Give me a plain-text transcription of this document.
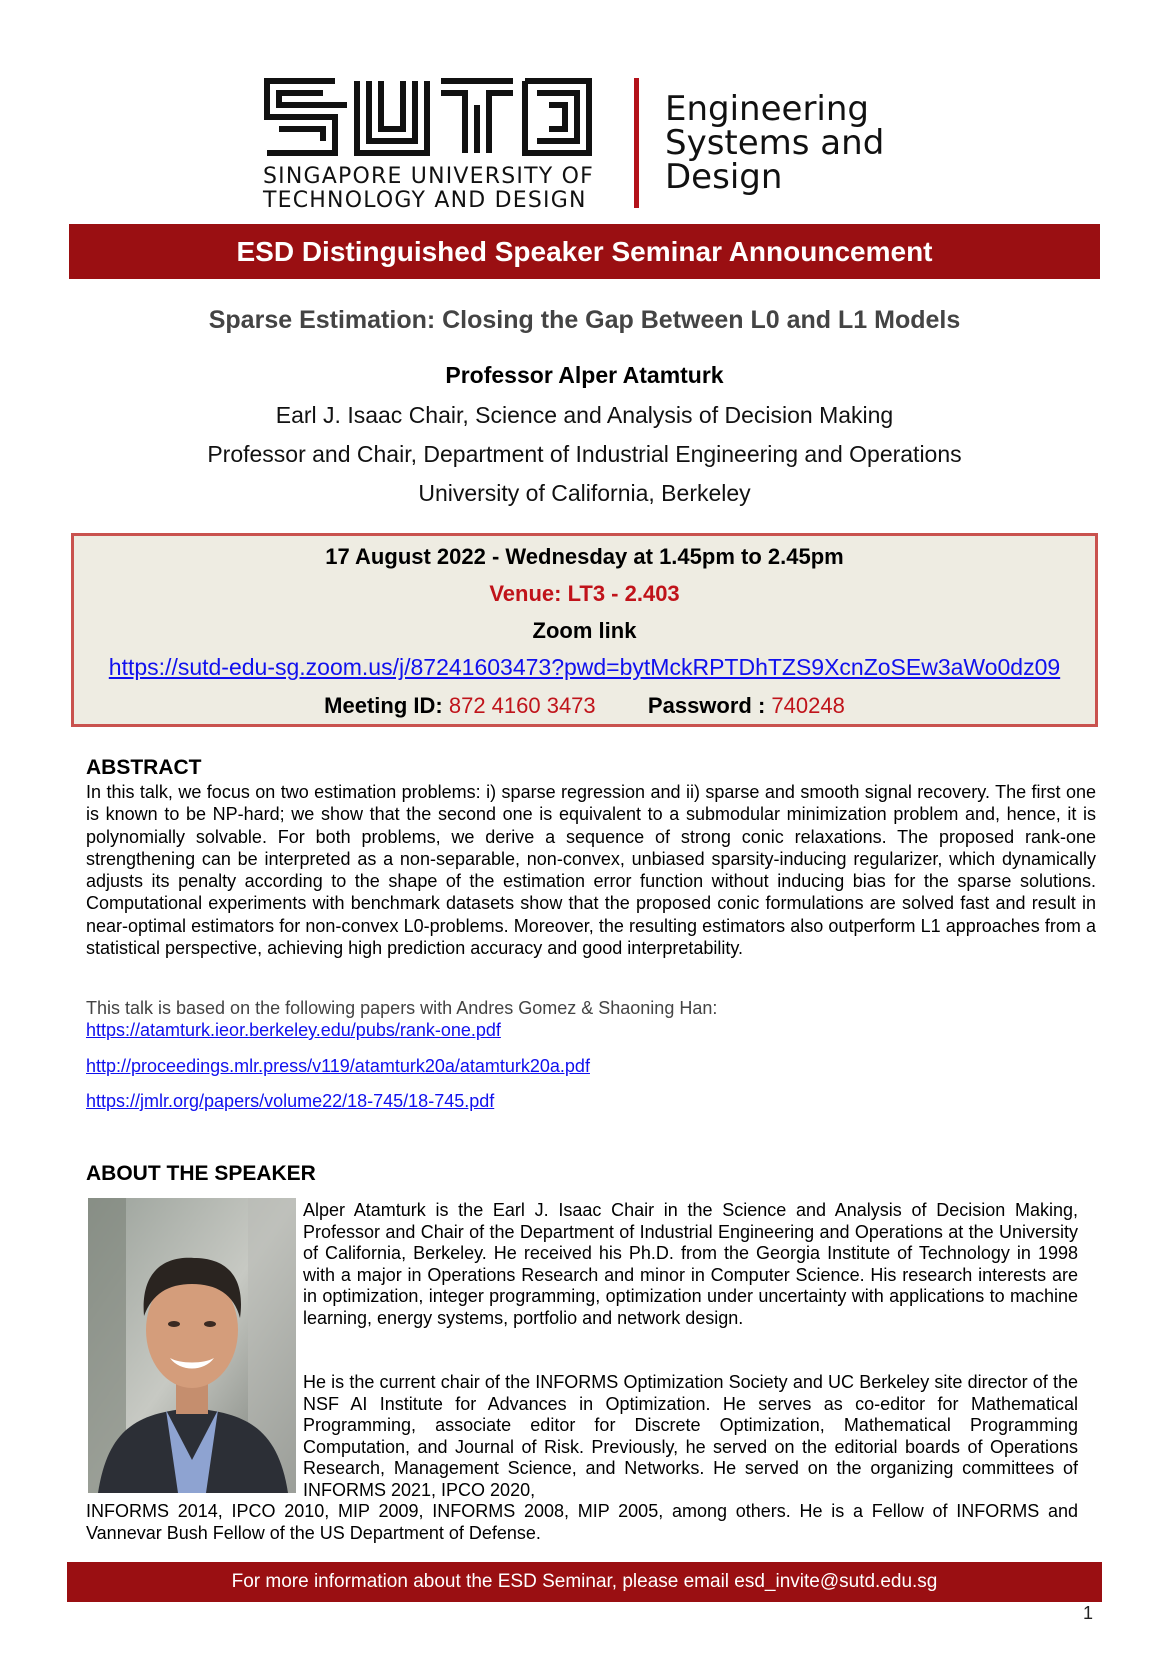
SINGAPORE UNIVERSITY OF
TECHNOLOGY AND DESIGN
Engineering
Systems and
Design
ESD Distinguished Speaker Seminar Announcement
Sparse Estimation: Closing the Gap Between L0 and L1 Models
Professor Alper Atamturk
Earl J. Isaac Chair, Science and Analysis of Decision Making
Professor and Chair, Department of Industrial Engineering and Operations
University of California, Berkeley
17 August 2022 - Wednesday at 1.45pm to 2.45pm
Venue: LT3 - 2.403
Zoom link
https://sutd-edu-sg.zoom.us/j/87241603473?pwd=bytMckRPTDhTZS9XcnZoSEw3aWo0dz09
Meeting ID: 872 4160 3473 Password : 740248
ABSTRACT
In this talk, we focus on two estimation problems: i) sparse regression and ii) sparse and smooth signal recovery. The first one is known to be NP-hard; we show that the second one is equivalent to a submodular minimization problem and, hence, it is polynomially solvable. For both problems, we derive a sequence of strong conic relaxations. The proposed rank-one strengthening can be interpreted as a non-separable, non-convex, unbiased sparsity-inducing regularizer, which dynamically adjusts its penalty according to the shape of the estimation error function without inducing bias for the sparse solutions. Computational experiments with benchmark datasets show that the proposed conic formulations are solved fast and result in near-optimal estimators for non-convex L0-problems. Moreover, the resulting estimators also outperform L1 approaches from a statistical perspective, achieving high prediction accuracy and good interpretability.
This talk is based on the following papers with Andres Gomez & Shaoning Han:
https://atamturk.ieor.berkeley.edu/pubs/rank-one.pdf
http://proceedings.mlr.press/v119/atamturk20a/atamturk20a.pdf
https://jmlr.org/papers/volume22/18-745/18-745.pdf
ABOUT THE SPEAKER
Alper Atamturk is the Earl J. Isaac Chair in the Science and Analysis of Decision Making, Professor and Chair of the Department of Industrial Engineering and Operations at the University of California, Berkeley. He received his Ph.D. from the Georgia Institute of Technology in 1998 with a major in Operations Research and minor in Computer Science. His research interests are in optimization, integer programming, optimization under uncertainty with applications to machine learning, energy systems, portfolio and network design.
He is the current chair of the INFORMS Optimization Society and UC Berkeley site director of the NSF AI Institute for Advances in Optimization. He serves as co-editor for Mathematical Programming, associate editor for Discrete Optimization, Mathematical Programming Computation, and Journal of Risk. Previously, he served on the editorial boards of Operations Research, Management Science, and Networks. He served on the organizing committees of INFORMS 2021, IPCO 2020,
INFORMS 2014, IPCO 2010, MIP 2009, INFORMS 2008, MIP 2005, among others. He is a Fellow of INFORMS and Vannevar Bush Fellow of the US Department of Defense.
For more information about the ESD Seminar, please email esd_invite@sutd.edu.sg
1
